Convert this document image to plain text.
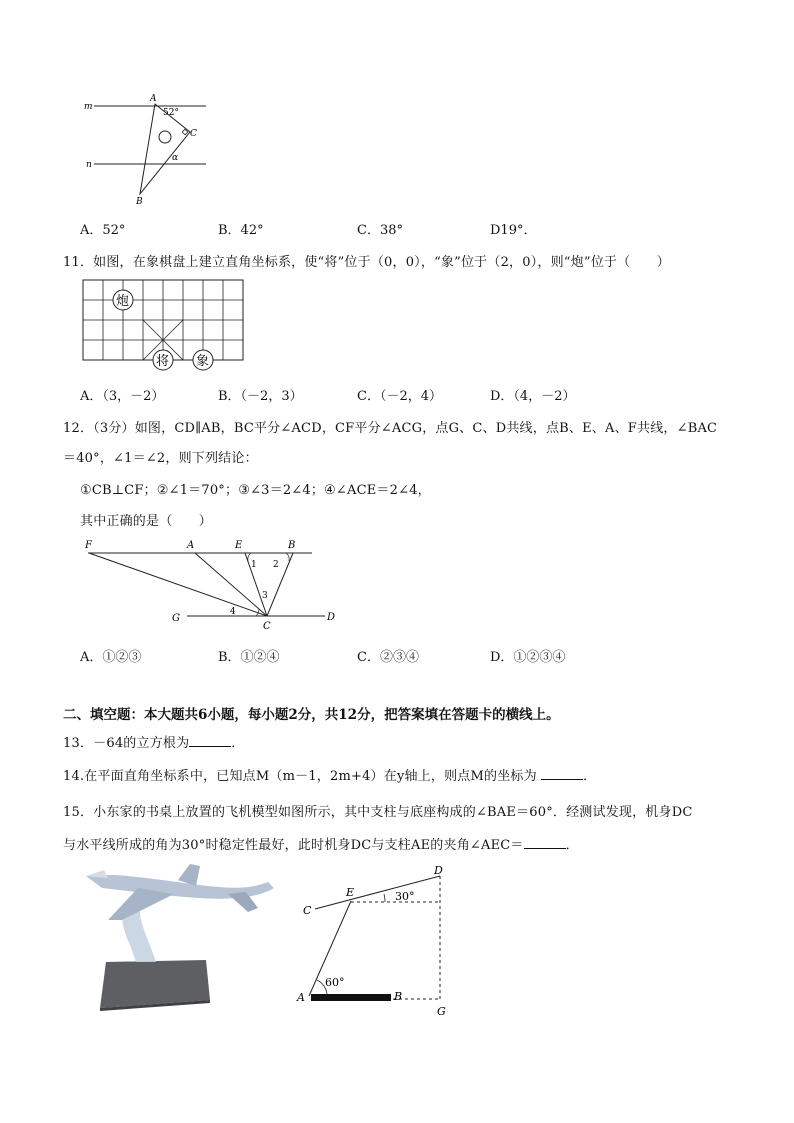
m
n
A
B
C
52°
α
A．52°	B．42°	C．38°	D19°．
11．如图，在象棋盘上建立直角坐标系，使“将”位于（0，0），“象”位于（2，0），则“炮”位于（　　）
炮
将 象
A．（3，－2）	B．（－2，3）	C．（－2，4）	D．（4，－2）
12．（3分）如图，CD∥AB，BC平分∠ACD，CF平分∠ACG，点G、C、D共线，点B、E、A、F共线，∠BAC
＝40°，∠1＝∠2，则下列结论：
①CB⊥CF；②∠1＝70°；③∠3＝2∠4；④∠ACE＝2∠4，
其中正确的是（　　）
F	A	E	B
G
C
D
1 2
3
4
A．①②③	B．①②④	C．②③④	D．①②③④
二、填空题：本大题共6小题，每小题2分，共12分，把答案填在答题卡的横线上。
13．－64的立方根为	．
14.在平面直角坐标系中，已知点M（m－1，2m+4）在y轴上，则点M的坐标为	．
15．小东家的书桌上放置的飞机模型如图所示，其中支柱与底座构成的∠BAE＝60°．经测试发现，机身DC
与水平线所成的角为30°时稳定性最好，此时机身DC与支柱AE的夹角∠AEC＝	．
C
E
D
A	B
G
30°
60°
